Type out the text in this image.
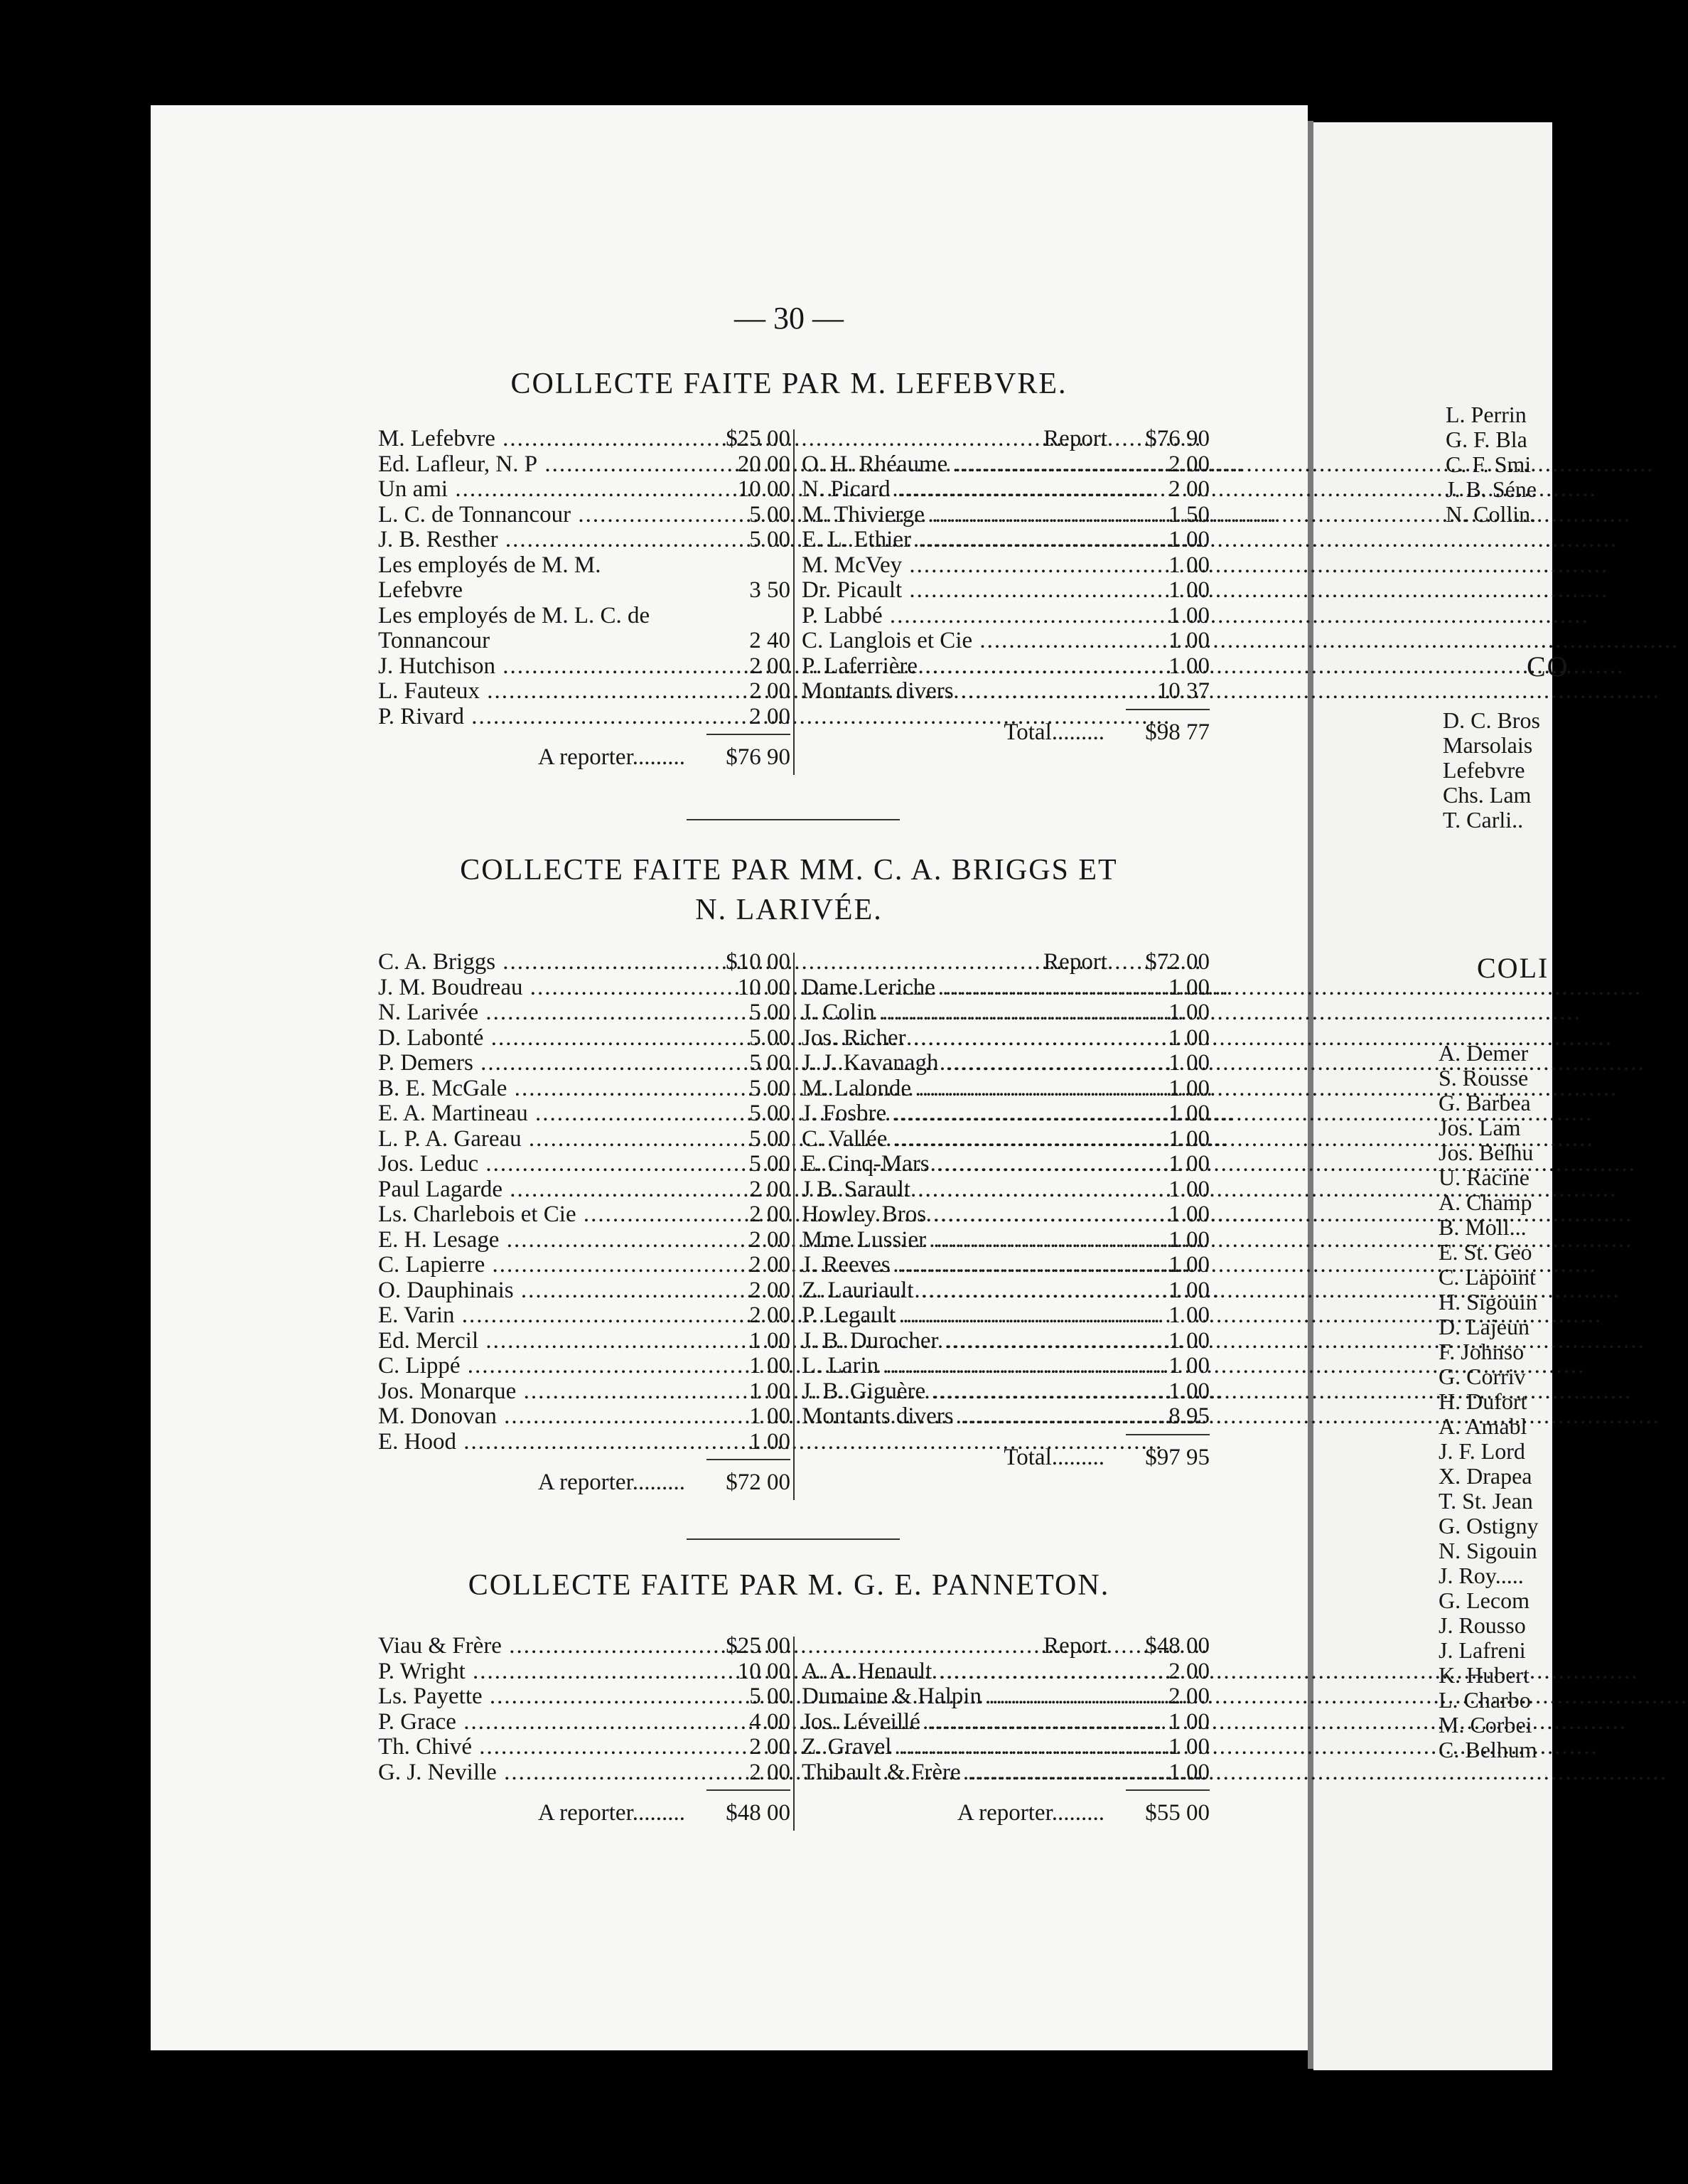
— 30 —
COLLECTE FAITE PAR M. LEFEBVRE.
M. Lefebvre .....	$25 00
Ed. Lafleur, N. P .....	20 00
Un ami .....	10 00
L. C. de Tonnancour .....	5 00
J. B. Resther .....	5 00
Les employés de M. M. Lefebvre	3 50
Les employés de M. L. C. de Tonnancour	2 40
J. Hutchison .....	2 00
L. Fauteux .....	2 00
P. Rivard .....	2 00
A reporter.........	$76 90
Report	$76 90
O. H. Rhéaume .....	2 00
N. Picard .....	2 00
M. Thivierge .....	1 50
E. L. Ethier .....	1 00
M. McVey .....	1 00
Dr. Picault .....	1 00
P. Labbé .....	1 00
C. Langlois et Cie .....	1 00
P. Laferrière .....	1 00
Montants divers .....	10 37
Total.........	$98 77
COLLECTE FAITE PAR MM. C. A. BRIGGS ET
N. LARIVÉE.
C. A. Briggs .....	$10 00
J. M. Boudreau .....	10 00
N. Larivée .....	5 00
D. Labonté .....	5 00
P. Demers .....	5 00
B. E. McGale .....	5 00
E. A. Martineau .....	5 00
L. P. A. Gareau .....	5 00
Jos. Leduc .....	5 00
Paul Lagarde .....	2 00
Ls. Charlebois et Cie .....	2 00
E. H. Lesage .....	2 00
C. Lapierre .....	2 00
O. Dauphinais .....	2 00
E. Varin .....	2 00
Ed. Mercil .....	1 00
C. Lippé .....	1 00
Jos. Monarque .....	1 00
M. Donovan .....	1 00
E. Hood .....	1 00
A reporter.........	$72 00
Report	$72 00
Dame Leriche .....	1 00
J. Colin .....	1 00
Jos. Richer .....	1 00
J. J. Kavanagh .....	1 00
M. Lalonde .....	1 00
J. Fosbre .....	1 00
C. Vallée .....	1 00
E. Cinq-Mars .....	1 00
J B. Sarault .....	1 00
Howley Bros .....	1 00
Mme Lussier .....	1 00
J. Reeves .....	1 00
Z. Lauriault .....	1 00
P. Legault .....	1 00
J. B. Durocher .....	1 00
L. Larin .....	1 00
J. B. Giguère .....	1 00
Montants divers .....	8 95
Total.........	$97 95
COLLECTE FAITE PAR M. G. E. PANNETON.
Viau & Frère .....	$25 00
P. Wright .....	10 00
Ls. Payette .....	5 00
P. Grace .....	4 00
Th. Chivé .....	2 00
G. J. Neville .....	2 00
A reporter.........	$48 00
Report	$48 00
A. A. Henault .....	2 00
Dumaine & Halpin .....	2 00
Jos. Léveillé .....	1 00
Z. Gravel .....	1 00
Thibault & Frère .....	1 00
A reporter.........	$55 00
L. Perrin
G. F. Bla
C. F. Smi
J. B. Séne
N. Collin.
D. C. Bros
Marsolais
Lefebvre
Chs. Lam
T. Carli..
A. Demer
S. Rousse
G. Barbea
Jos. Lam
Jos. Belhu
U. Racine
A. Champ
B. Moll...
E. St. Geo
C. Lapoint
H. Sigouin
D. Lajeun
F. Johnso
G. Corriv
H. Dufort
A. Amabl
J. F. Lord
X. Drapea
T. St. Jean
G. Ostigny
N. Sigouin
J. Roy.....
G. Lecom
J. Rousso
J. Lafreni
K. Hubert
L. Charbo
M. Corbei
C. Belhum
CO
COLI
